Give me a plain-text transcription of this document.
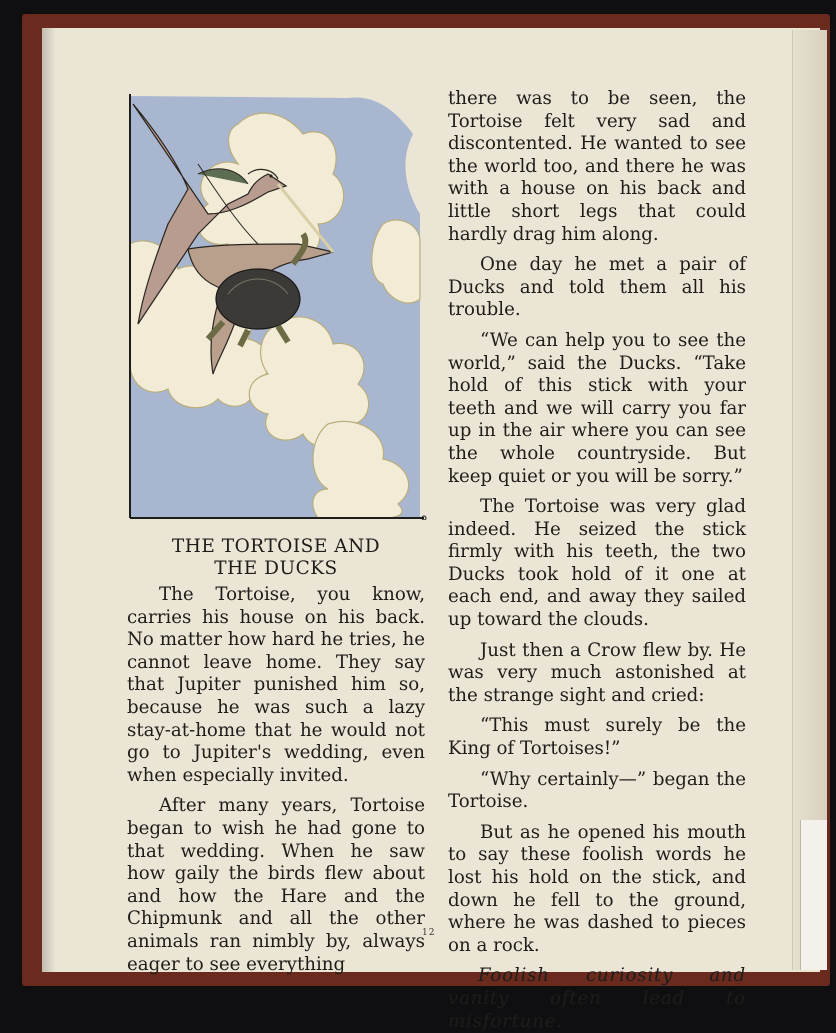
THE TORTOISE AND
THE DUCKS

The Tortoise, you know, carries his house on his back. No matter how hard he tries, he cannot leave home. They say that Jupiter punished him so, because he was such a lazy stay-at-home that he would not go to Jupiter's wedding, even when especially invited.

After many years, Tortoise began to wish he had gone to that wedding. When he saw how gaily the birds flew about and how the Hare and the Chipmunk and all the other animals ran nimbly by, always eager to see everything

there was to be seen, the Tortoise felt very sad and discontented. He wanted to see the world too, and there he was with a house on his back and little short legs that could hardly drag him along.

One day he met a pair of Ducks and told them all his trouble.

“We can help you to see the world,” said the Ducks. “Take hold of this stick with your teeth and we will carry you far up in the air where you can see the whole countryside. But keep quiet or you will be sorry.”

The Tortoise was very glad indeed. He seized the stick firmly with his teeth, the two Ducks took hold of it one at each end, and away they sailed up toward the clouds.

Just then a Crow flew by. He was very much astonished at the strange sight and cried:

“This must surely be the King of Tortoises!”

“Why certainly—” began the Tortoise.

But as he opened his mouth to say these foolish words he lost his hold on the stick, and down he fell to the ground, where he was dashed to pieces on a rock.

Foolish curiosity and vanity often lead to misfortune.

12
